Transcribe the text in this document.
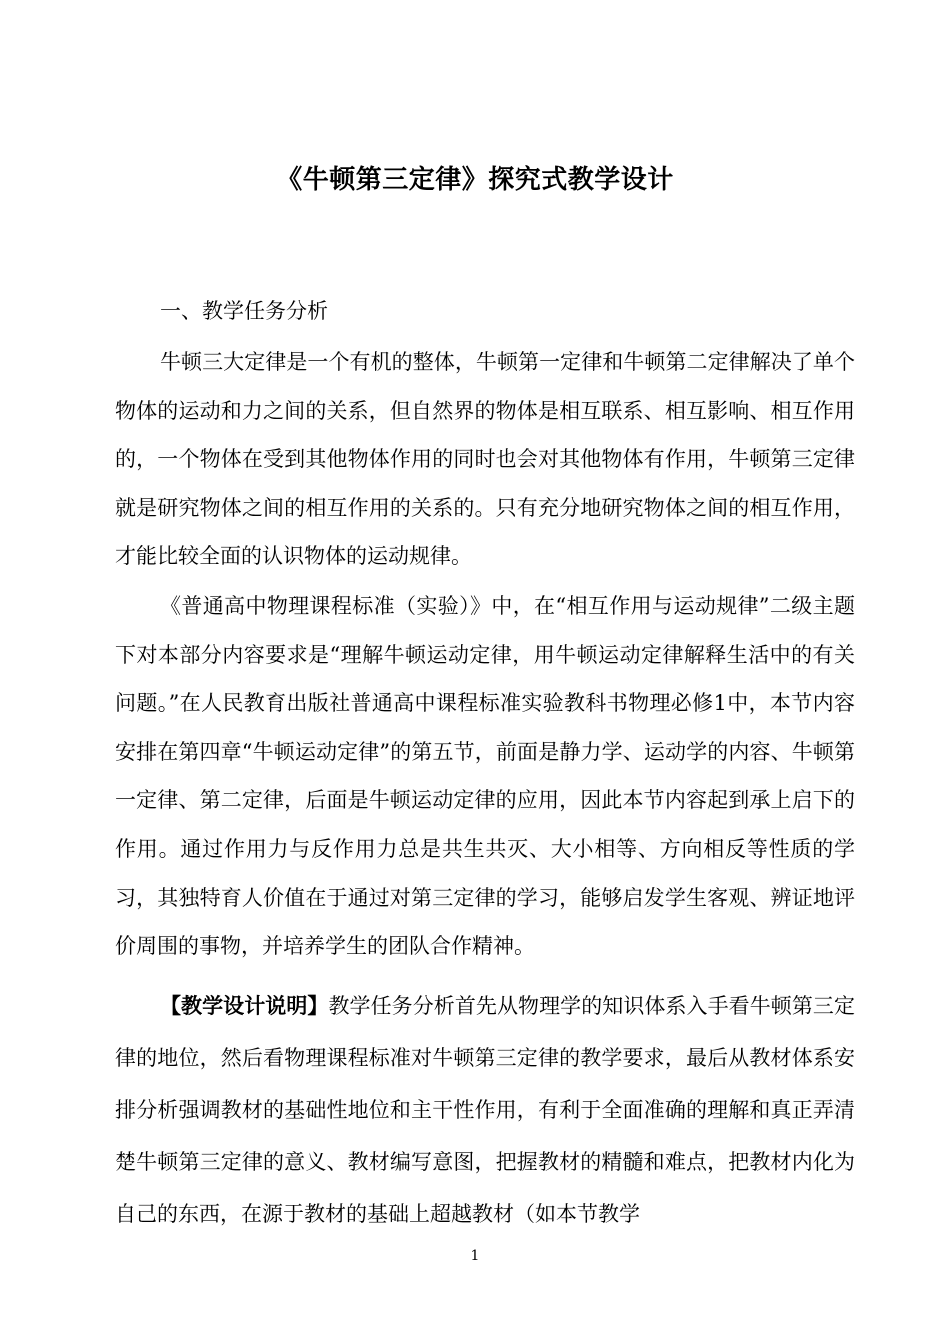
《牛顿第三定律》探究式教学设计
一、教学任务分析
牛顿三大定律是一个有机的整体，牛顿第一定律和牛顿第二定律解决了单个物体的运动和力之间的关系，但自然界的物体是相互联系、相互影响、相互作用的，一个物体在受到其他物体作用的同时也会对其他物体有作用，牛顿第三定律就是研究物体之间的相互作用的关系的。只有充分地研究物体之间的相互作用，才能比较全面的认识物体的运动规律。
《普通高中物理课程标准（实验）》中，在“相互作用与运动规律”二级主题下对本部分内容要求是“理解牛顿运动定律，用牛顿运动定律解释生活中的有关问题。”在人民教育出版社普通高中课程标准实验教科书物理必修1中，本节内容安排在第四章“牛顿运动定律”的第五节，前面是静力学、运动学的内容、牛顿第一定律、第二定律，后面是牛顿运动定律的应用，因此本节内容起到承上启下的作用。通过作用力与反作用力总是共生共灭、大小相等、方向相反等性质的学习，其独特育人价值在于通过对第三定律的学习，能够启发学生客观、辨证地评价周围的事物，并培养学生的团队合作精神。
【教学设计说明】教学任务分析首先从物理学的知识体系入手看牛顿第三定律的地位，然后看物理课程标准对牛顿第三定律的教学要求，最后从教材体系安排分析强调教材的基础性地位和主干性作用，有利于全面准确的理解和真正弄清楚牛顿第三定律的意义、教材编写意图，把握教材的精髓和难点，把教材内化为自己的东西，在源于教材的基础上超越教材（如本节教学
1
